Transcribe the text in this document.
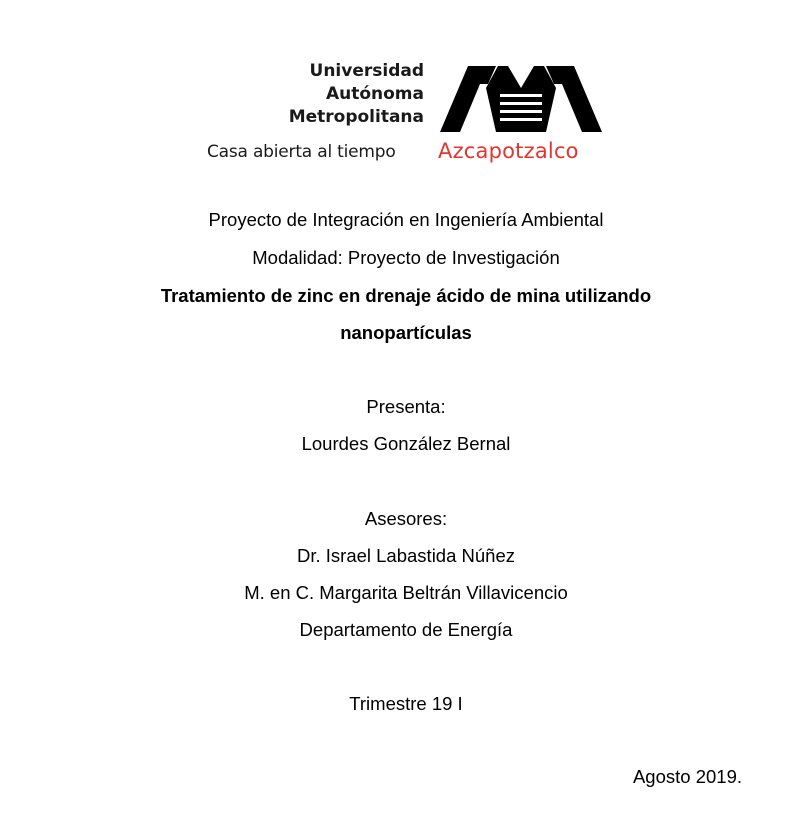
Universidad
Autónoma
Metropolitana
Casa abierta al tiempo Azcapotzalco
Proyecto de Integración en Ingeniería Ambiental
Modalidad: Proyecto de Investigación
Tratamiento de zinc en drenaje ácido de mina utilizando
nanopartículas
Presenta:
Lourdes González Bernal
Asesores:
Dr. Israel Labastida Núñez
M. en C. Margarita Beltrán Villavicencio
Departamento de Energía
Trimestre 19 I
Agosto 2019.
